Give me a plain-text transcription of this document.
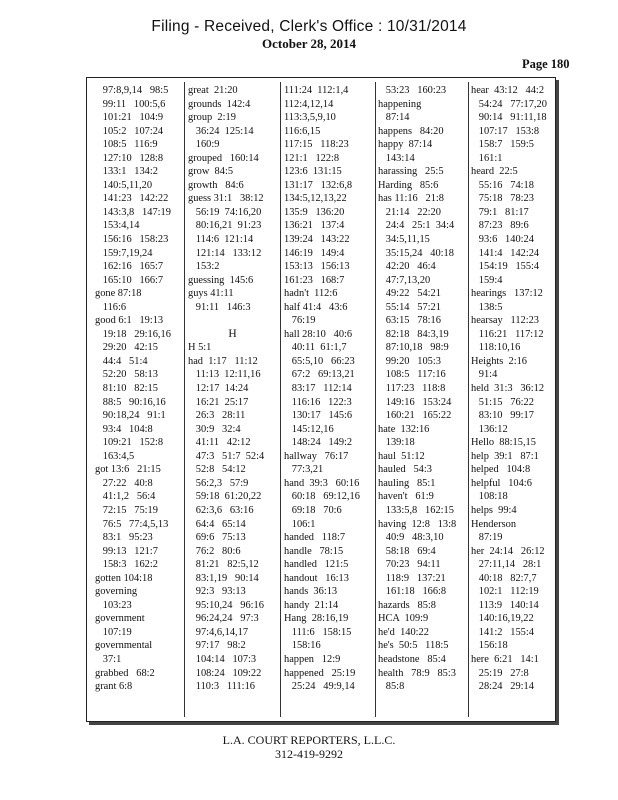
Filing - Received, Clerk's Office : 10/31/2014
October 28, 2014
Page 180
97:8,9,14   98:5
99:11   100:5,6
101:21   104:9
105:2   107:24
108:5   116:9
127:10   128:8
133:1   134:2
140:5,11,20
141:23   142:22
143:3,8   147:19
153:4,14
156:16   158:23
159:7,19,24
162:16   165:7
165:10   166:7
gone 87:18
116:6
good 6:1   19:13
19:18   29:16,16
29:20   42:15
44:4   51:4
52:20   58:13
81:10   82:15
88:5   90:16,16
90:18,24   91:1
93:4   104:8
109:21   152:8
163:4,5
got 13:6   21:15
27:22   40:8
41:1,2   56:4
72:15   75:19
76:5   77:4,5,13
83:1   95:23
99:13   121:7
158:3   162:2
gotten 104:18
governing
103:23
government
107:19
governmental
37:1
grabbed   68:2
grant 6:8
great  21:20
grounds  142:4
group  2:19
36:24  125:14
160:9
grouped   160:14
grow  84:5
growth   84:6
guess 31:1   38:12
56:19  74:16,20
80:16,21  91:23
114:6  121:14
121:14   133:12
153:2
guessing  145:6
guys 41:11
91:11   146:3
H
H 5:1
had  1:17   11:12
11:13  12:11,16
12:17  14:24
16:21  25:17
26:3   28:11
30:9   32:4
41:11   42:12
47:3   51:7  52:4
52:8   54:12
56:2,3   57:9
59:18  61:20,22
62:3,6   63:16
64:4   65:14
69:6   75:13
76:2   80:6
81:21   82:5,12
83:1,19   90:14
92:3   93:13
95:10,24   96:16
96:24,24   97:3
97:4,6,14,17
97:17   98:2
104:14   107:3
108:24   109:22
110:3   111:16
111:24  112:1,4
112:4,12,14
113:3,5,9,10
116:6,15
117:15   118:23
121:1   122:8
123:6  131:15
131:17   132:6,8
134:5,12,13,22
135:9   136:20
136:21   137:4
139:24   143:22
146:19   149:4
153:13   156:13
161:23   168:7
hadn't  112:6
half 41:4   43:6
76:19
hall 28:10   40:6
40:11  61:1,7
65:5,10   66:23
67:2   69:13,21
83:17   112:14
116:16   122:3
130:17   145:6
145:12,16
148:24   149:2
hallway   76:17
77:3,21
hand  39:3   60:16
60:18   69:12,16
69:18   70:6
106:1
handed   118:7
handle   78:15
handled   121:5
handout   16:13
hands  36:13
handy  21:14
Hang  28:16,19
111:6   158:15
158:16
happen   12:9
happened   25:19
25:24   49:9,14
53:23   160:23
happening
87:14
happens   84:20
happy  87:14
143:14
harassing   25:5
Harding   85:6
has 11:16   21:8
21:14   22:20
24:4   25:1  34:4
34:5,11,15
35:15,24   40:18
42:20   46:4
47:7,13,20
49:22   54:21
55:14   57:21
63:15   78:16
82:18   84:3,19
87:10,18   98:9
99:20   105:3
108:5   117:16
117:23   118:8
149:16   153:24
160:21   165:22
hate  132:16
139:18
haul  51:12
hauled   54:3
hauling   85:1
haven't   61:9
133:5,8   162:15
having  12:8   13:8
40:9   48:3,10
58:18   69:4
70:23   94:11
118:9   137:21
161:18   166:8
hazards   85:8
HCA  109:9
he'd  140:22
he's  50:5   118:5
headstone   85:4
health   78:9   85:3
85:8
hear  43:12   44:2
54:24   77:17,20
90:14   91:11,18
107:17   153:8
158:7   159:5
161:1
heard  22:5
55:16   74:18
75:18   78:23
79:1   81:17
87:23   89:6
93:6   140:24
141:4   142:24
154:19   155:4
159:4
hearings   137:12
138:5
hearsay   112:23
116:21   117:12
118:10,16
Heights  2:16
91:4
held  31:3   36:12
51:15   76:22
83:10   99:17
136:12
Hello  88:15,15
help  39:1   87:1
helped   104:8
helpful   104:6
108:18
helps  99:4
Henderson
87:19
her  24:14   26:12
27:11,14   28:1
40:18   82:7,7
102:1   112:19
113:9   140:14
140:16,19,22
141:2   155:4
156:18
here  6:21   14:1
25:19   27:8
28:24   29:14
L.A. COURT REPORTERS, L.L.C.
312-419-9292
